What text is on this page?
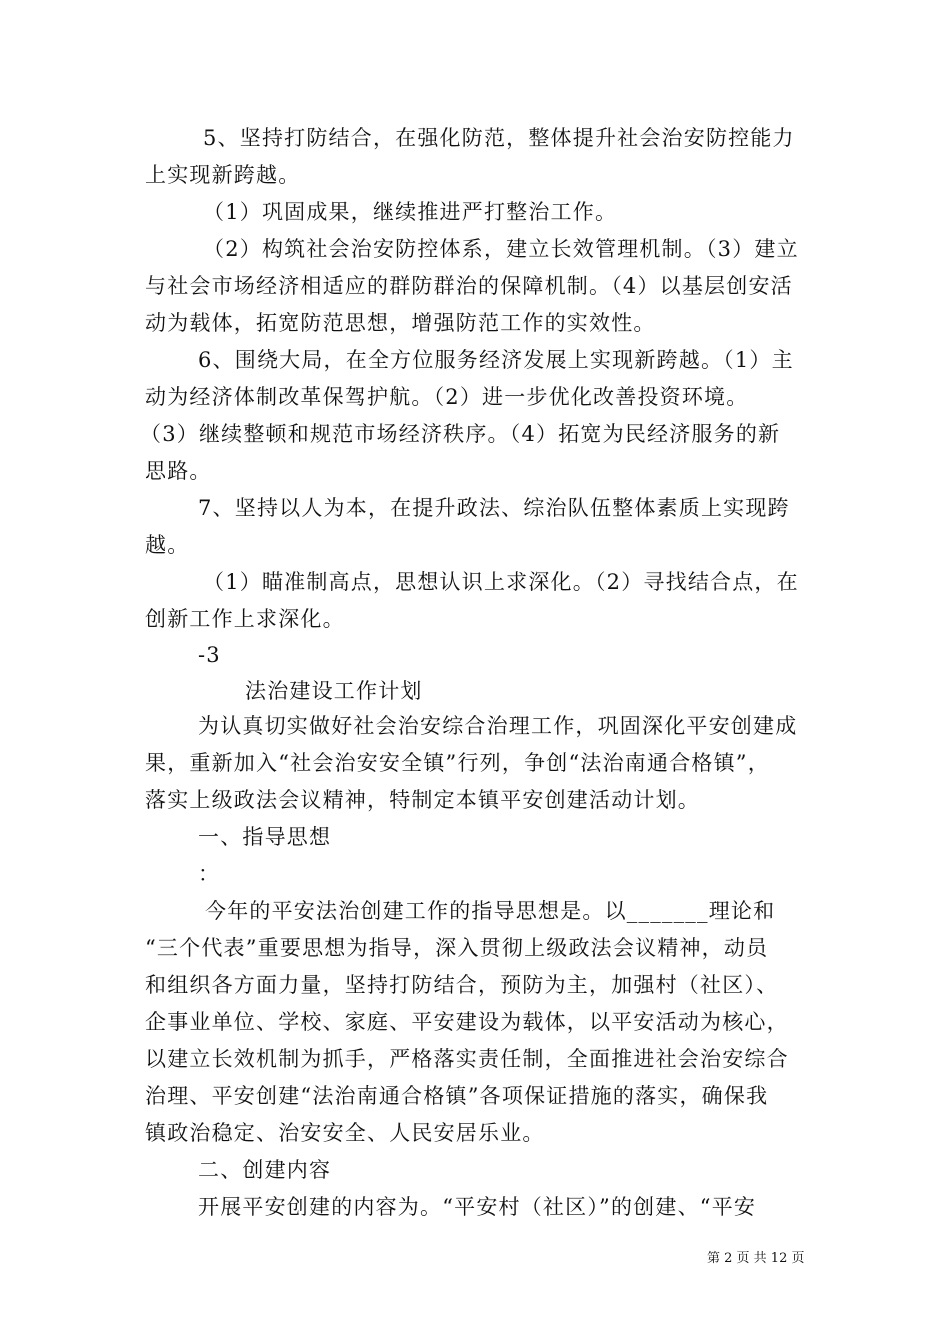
5、坚持打防结合，在强化防范，整体提升社会治安防控能力
上实现新跨越。
（1）巩固成果，继续推进严打整治工作。
（2）构筑社会治安防控体系，建立长效管理机制。（3）建立
与社会市场经济相适应的群防群治的保障机制。（4）以基层创安活
动为载体，拓宽防范思想，增强防范工作的实效性。
6、围绕大局，在全方位服务经济发展上实现新跨越。（1）主
动为经济体制改革保驾护航。（2）进一步优化改善投资环境。
（3）继续整顿和规范市场经济秩序。（4）拓宽为民经济服务的新
思路。
7、坚持以人为本，在提升政法、综治队伍整体素质上实现跨
越。
（1）瞄准制高点，思想认识上求深化。（2）寻找结合点，在
创新工作上求深化。
-3
法治建设工作计划
为认真切实做好社会治安综合治理工作，巩固深化平安创建成
果，重新加入“社会治安安全镇”行列，争创“法治南通合格镇”，
落实上级政法会议精神，特制定本镇平安创建活动计划。
一、指导思想
：
今年的平安法治创建工作的指导思想是。以_______理论和
“三个代表”重要思想为指导，深入贯彻上级政法会议精神，动员
和组织各方面力量，坚持打防结合，预防为主，加强村（社区）、
企事业单位、学校、家庭、平安建设为载体，以平安活动为核心，
以建立长效机制为抓手，严格落实责任制，全面推进社会治安综合
治理、平安创建“法治南通合格镇”各项保证措施的落实，确保我
镇政治稳定、治安安全、人民安居乐业。
二、创建内容
开展平安创建的内容为。“平安村（社区）”的创建、“平安
第 2 页 共 12 页
